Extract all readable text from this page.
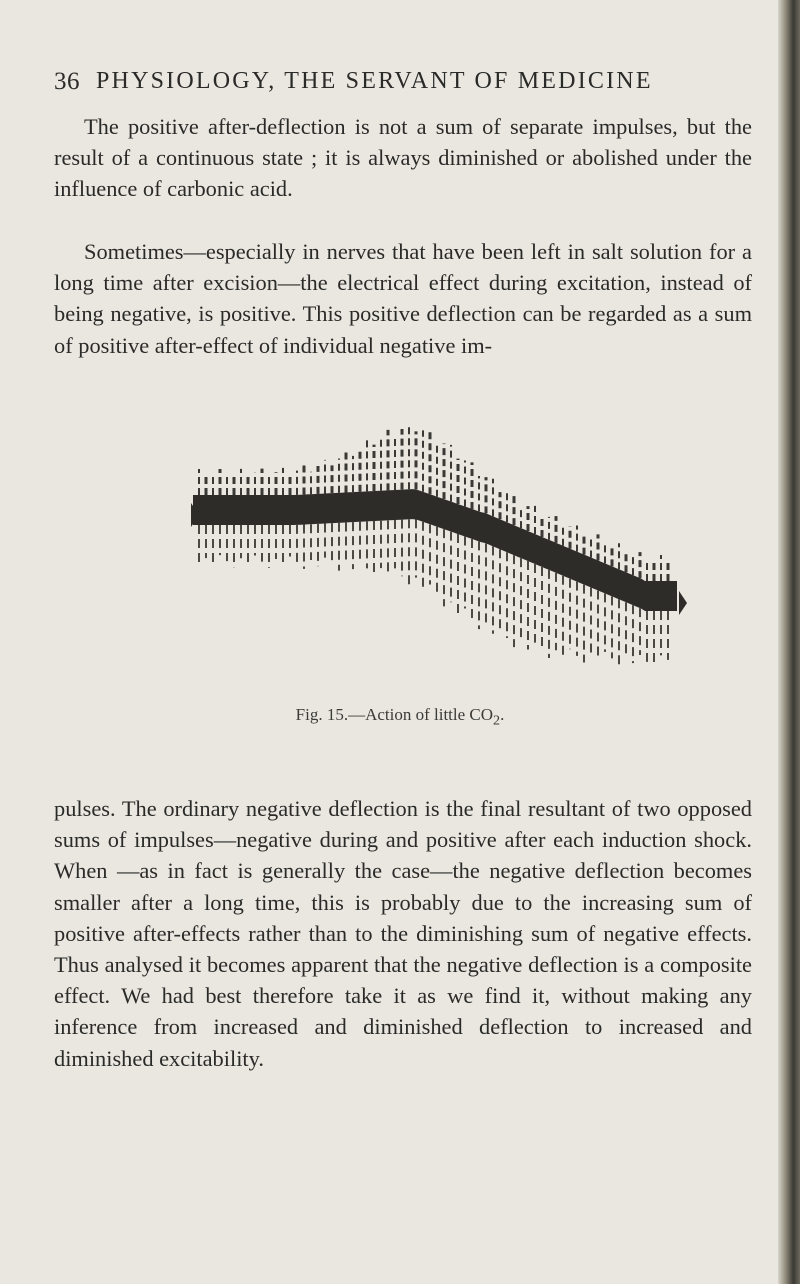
36 PHYSIOLOGY, THE SERVANT OF MEDICINE

The positive after-deflection is not a sum of separate impulses, but the result of a continuous state ; it is always diminished or abolished under the influence of carbonic acid.

Sometimes—especially in nerves that have been left in salt solution for a long time after excision—the electrical effect during excitation, instead of being negative, is positive. This positive deflection can be regarded as a sum of positive after-effect of individual negative im-

Fig. 15.—Action of little $CO_2$.

pulses. The ordinary negative deflection is the final resultant of two opposed sums of impulses—negative during and positive after each induction shock. When —as in fact is generally the case—the negative deflection becomes smaller after a long time, this is probably due to the increasing sum of positive after-effects rather than to the diminishing sum of negative effects. Thus analysed it becomes apparent that the negative deflection is a composite effect. We had best therefore take it as we find it, without making any inference from increased and diminished deflection to increased and diminished excitability.
